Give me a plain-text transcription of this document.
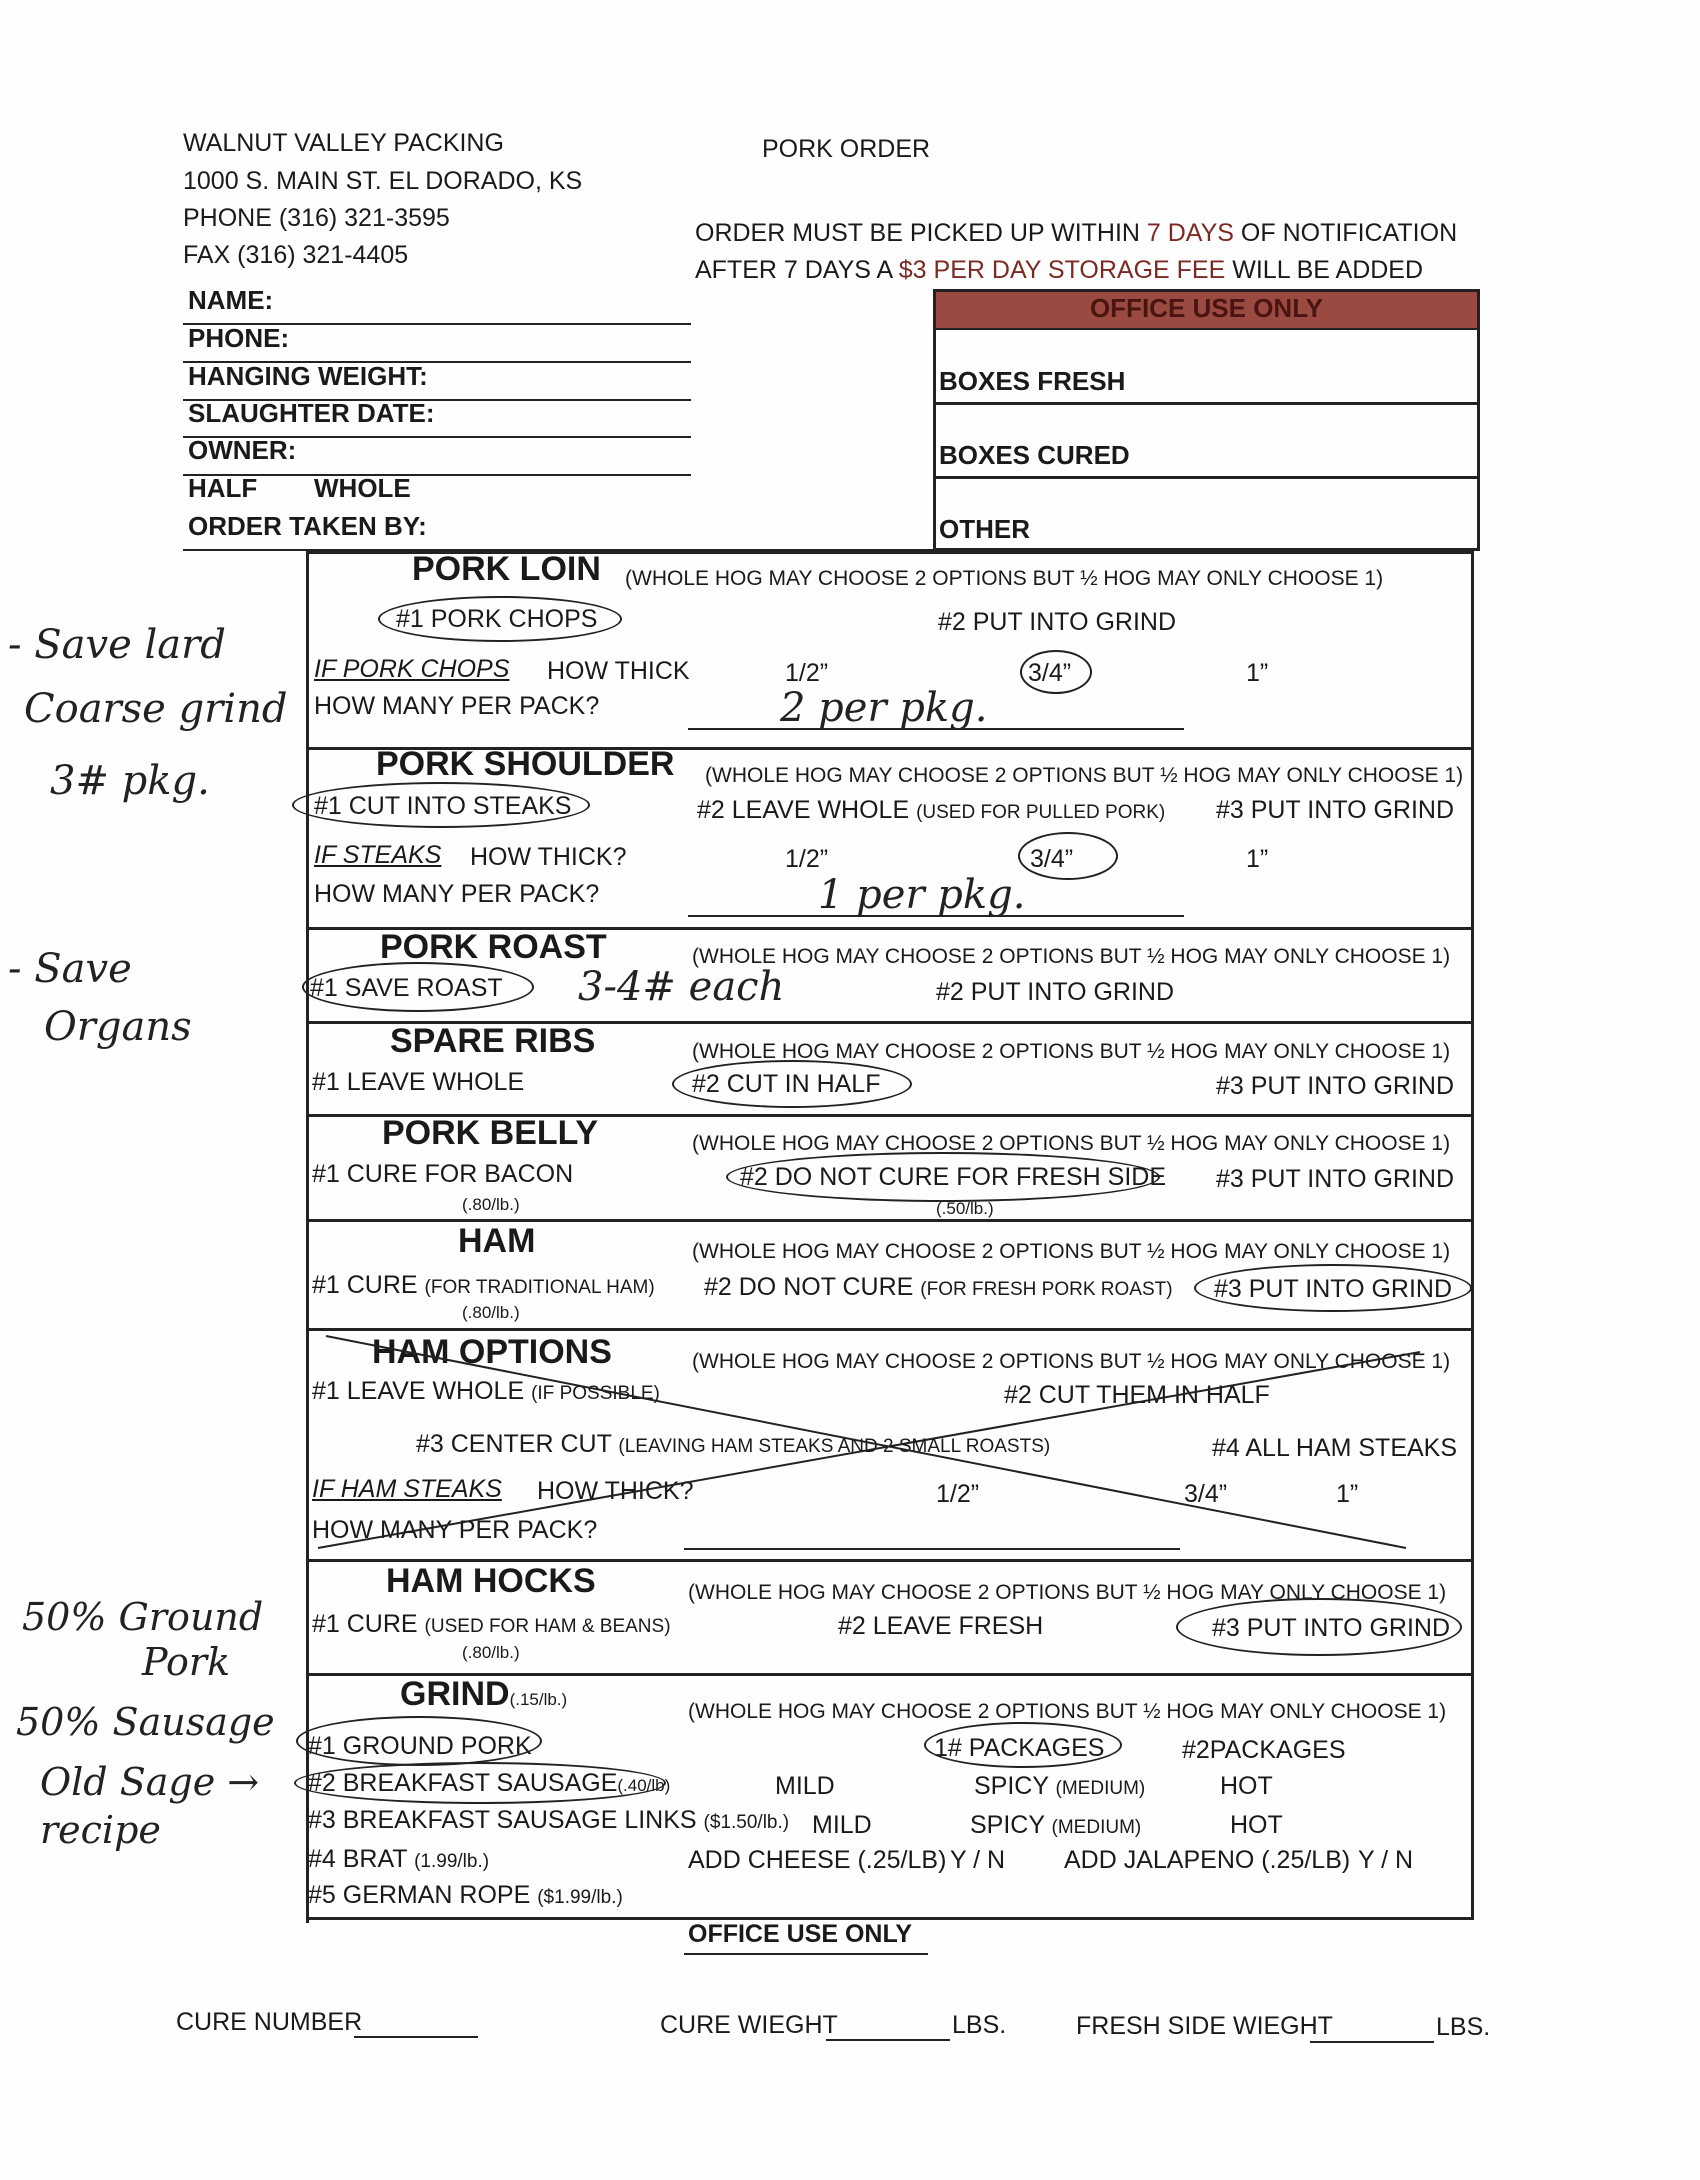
WALNUT VALLEY PACKING
1000 S. MAIN ST. EL DORADO, KS
PHONE (316) 321-3595
FAX (316) 321-4405
PORK ORDER
ORDER MUST BE PICKED UP WITHIN 7 DAYS OF NOTIFICATION
AFTER 7 DAYS A $3 PER DAY STORAGE FEE WILL BE ADDED
NAME:
PHONE:
HANGING WEIGHT:
SLAUGHTER DATE:
OWNER:
HALF WHOLE
ORDER TAKEN BY:
OFFICE USE ONLY
BOXES FRESH
BOXES CURED
OTHER
PORK LOIN (WHOLE HOG MAY CHOOSE 2 OPTIONS BUT ½ HOG MAY ONLY CHOOSE 1)
#1 PORK CHOPS	#2 PUT INTO GRIND
IF PORK CHOPS HOW THICK	1/2”	3/4”	1”
HOW MANY PER PACK?	2 per pkg.
PORK SHOULDER (WHOLE HOG MAY CHOOSE 2 OPTIONS BUT ½ HOG MAY ONLY CHOOSE 1)
#1 CUT INTO STEAKS	#2 LEAVE WHOLE (USED FOR PULLED PORK) #3 PUT INTO GRIND
IF STEAKS HOW THICK?	1/2”	3/4”	1”
HOW MANY PER PACK?	1 per pkg.
PORK ROAST	(WHOLE HOG MAY CHOOSE 2 OPTIONS BUT ½ HOG MAY ONLY CHOOSE 1)
#1 SAVE ROAST 3-4# each	#2 PUT INTO GRIND
SPARE RIBS	(WHOLE HOG MAY CHOOSE 2 OPTIONS BUT ½ HOG MAY ONLY CHOOSE 1)
#1 LEAVE WHOLE	#2 CUT IN HALF	#3 PUT INTO GRIND
PORK BELLY	(WHOLE HOG MAY CHOOSE 2 OPTIONS BUT ½ HOG MAY ONLY CHOOSE 1)
#1 CURE FOR BACON
(.80/lb.)
#2 DO NOT CURE FOR FRESH SIDE
(.50/lb.)
#3 PUT INTO GRIND
HAM	(WHOLE HOG MAY CHOOSE 2 OPTIONS BUT ½ HOG MAY ONLY CHOOSE 1)
#1 CURE (FOR TRADITIONAL HAM)
(.80/lb.)
#2 DO NOT CURE (FOR FRESH PORK ROAST) #3 PUT INTO GRIND
HAM OPTIONS	(WHOLE HOG MAY CHOOSE 2 OPTIONS BUT ½ HOG MAY ONLY CHOOSE 1)
#1 LEAVE WHOLE (IF POSSIBLE)	#2 CUT THEM IN HALF
#3 CENTER CUT (LEAVING HAM STEAKS AND 2 SMALL ROASTS)	#4 ALL HAM STEAKS
IF HAM STEAKS HOW THICK?	1/2”	3/4”	1”
HOW MANY PER PACK?
HAM HOCKS	(WHOLE HOG MAY CHOOSE 2 OPTIONS BUT ½ HOG MAY ONLY CHOOSE 1)
#1 CURE (USED FOR HAM & BEANS)
(.80/lb.)
#2 LEAVE FRESH	#3 PUT INTO GRIND
GRIND(.15/lb.)
(WHOLE HOG MAY CHOOSE 2 OPTIONS BUT ½ HOG MAY ONLY CHOOSE 1)
#1 GROUND PORK	1# PACKAGES	#2PACKAGES
#2 BREAKFAST SAUSAGE(.40/lb)	MILD	SPICY (MEDIUM)	HOT
#3 BREAKFAST SAUSAGE LINKS ($1.50/lb.) MILD	SPICY (MEDIUM)	HOT
#4 BRAT (1.99/lb.)	ADD CHEESE (.25/LB) Y / N ADD JALAPENO (.25/LB) Y / N
#5 GERMAN ROPE ($1.99/lb.)
OFFICE USE ONLY
CURE NUMBER	CURE WIEGHT	LBS.	FRESH SIDE WIEGHT	LBS.
- Save lard
Coarse grind
3# pkg.
- Save
Organs
50% Ground
Pork
50% Sausage
Old Sage →
recipe
